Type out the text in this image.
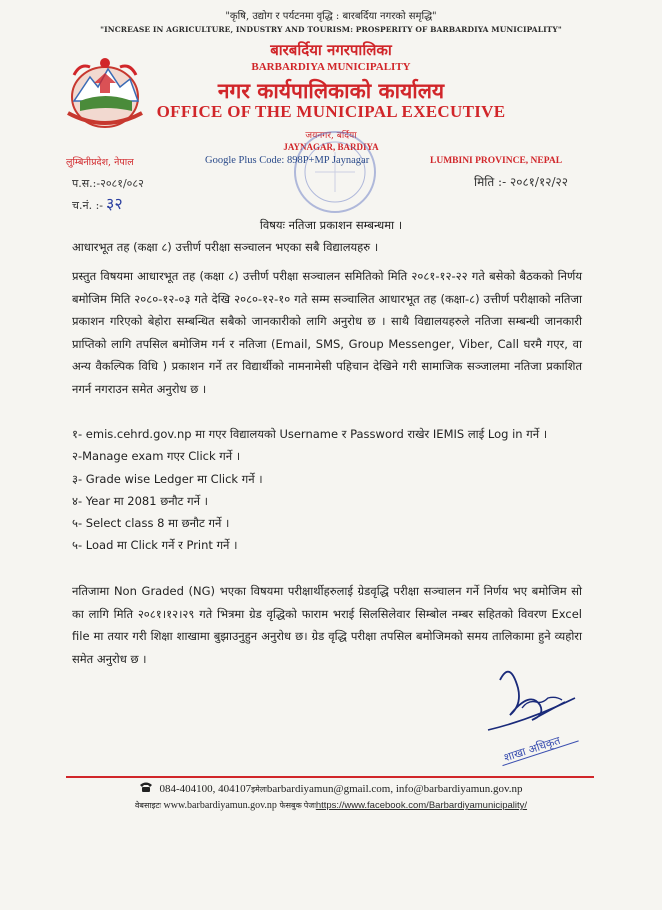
"कृषि, उद्योग र पर्यटनमा वृद्धि : बारबर्दिया नगरको समृद्धि"
"INCREASE IN AGRICULTURE, INDUSTRY AND TOURISM: PROSPERITY OF BARBARDIYA MUNICIPALITY"
बारबर्दिया नगरपालिका
BARBARDIYA MUNICIPALITY
नगर कार्यपालिकाको कार्यालय
OFFICE OF THE MUNICIPAL EXECUTIVE
जयनगर, बर्दिया
JAYNAGAR, BARDIYA
लुम्बिनीप्रदेश, नेपाल	Google Plus Code: 898P+MP Jaynagar	LUMBINI PROVINCE, NEPAL
प.स.:-२०८१/०८२	मिति :- २०८१/१२/२२
च.नं. :- ३२
विषयः नतिजा प्रकाशन सम्बन्धमा ।
आधारभूत तह (कक्षा ८) उत्तीर्ण परीक्षा सञ्चालन भएका सबै विद्यालयहरु ।
प्रस्तुत विषयमा आधारभूत तह (कक्षा ८) उत्तीर्ण परीक्षा सञ्चालन समितिको मिति २०८१-१२-२२ गते बसेको बैठकको निर्णय बमोजिम मिति २०८०-१२-०३ गते देखि २०८०-१२-१० गते सम्म सञ्चालित आधारभूत तह (कक्षा-८) उत्तीर्ण परीक्षाको नतिजा प्रकाशन गरिएको बेहोरा सम्बन्धित सबैको जानकारीको लागि अनुरोध छ । साथै विद्यालयहरुले नतिजा सम्बन्धी जानकारी प्राप्तिको लागि तपसिल बमोजिम गर्न र नतिजा (Email, SMS, Group Messenger, Viber, Call घरमै गएर, वा अन्य वैकल्पिक विधि ) प्रकाशन गर्ने तर विद्यार्थीको नामनामेसी पहिचान देखिने गरी सामाजिक सञ्जालमा नतिजा प्रकाशित नगर्न नगराउन समेत अनुरोध छ ।
१- emis.cehrd.gov.np मा गएर विद्यालयको Username र Password राखेर IEMIS लाई Log in गर्ने ।
२-Manage exam गएर Click गर्ने ।
३- Grade wise Ledger मा Click गर्ने ।
४- Year मा 2081 छनौट गर्ने ।
५- Select class 8 मा छनौट गर्ने ।
५- Load मा Click गर्ने र Print गर्ने ।
नतिजामा Non Graded (NG) भएका विषयमा परीक्षार्थीहरुलाई ग्रेडवृद्धि परीक्षा सञ्चालन गर्ने निर्णय भए बमोजिम सो का लागि मिति २०८१।१२।२९ गते भित्रमा ग्रेड वृद्धिको फाराम भराई सिलसिलेवार सिम्बोल नम्बर सहितको विवरण Excel file मा तयार गरी शिक्षा शाखामा बुझाउनुहुन अनुरोध छ। ग्रेड वृद्धि परीक्षा तपसिल बमोजिमको समय तालिकामा हुने व्यहोरा समेत अनुरोध छ ।
शाखा अधिकृत
084-404100, 404107इमेलःbarbardiyamun@gmail.com, info@barbardiyamun.gov.np
वेबसाइटः www.barbardiyamun.gov.np फेसबुक पेजःhttps://www.facebook.com/Barbardiyamunicipality/
